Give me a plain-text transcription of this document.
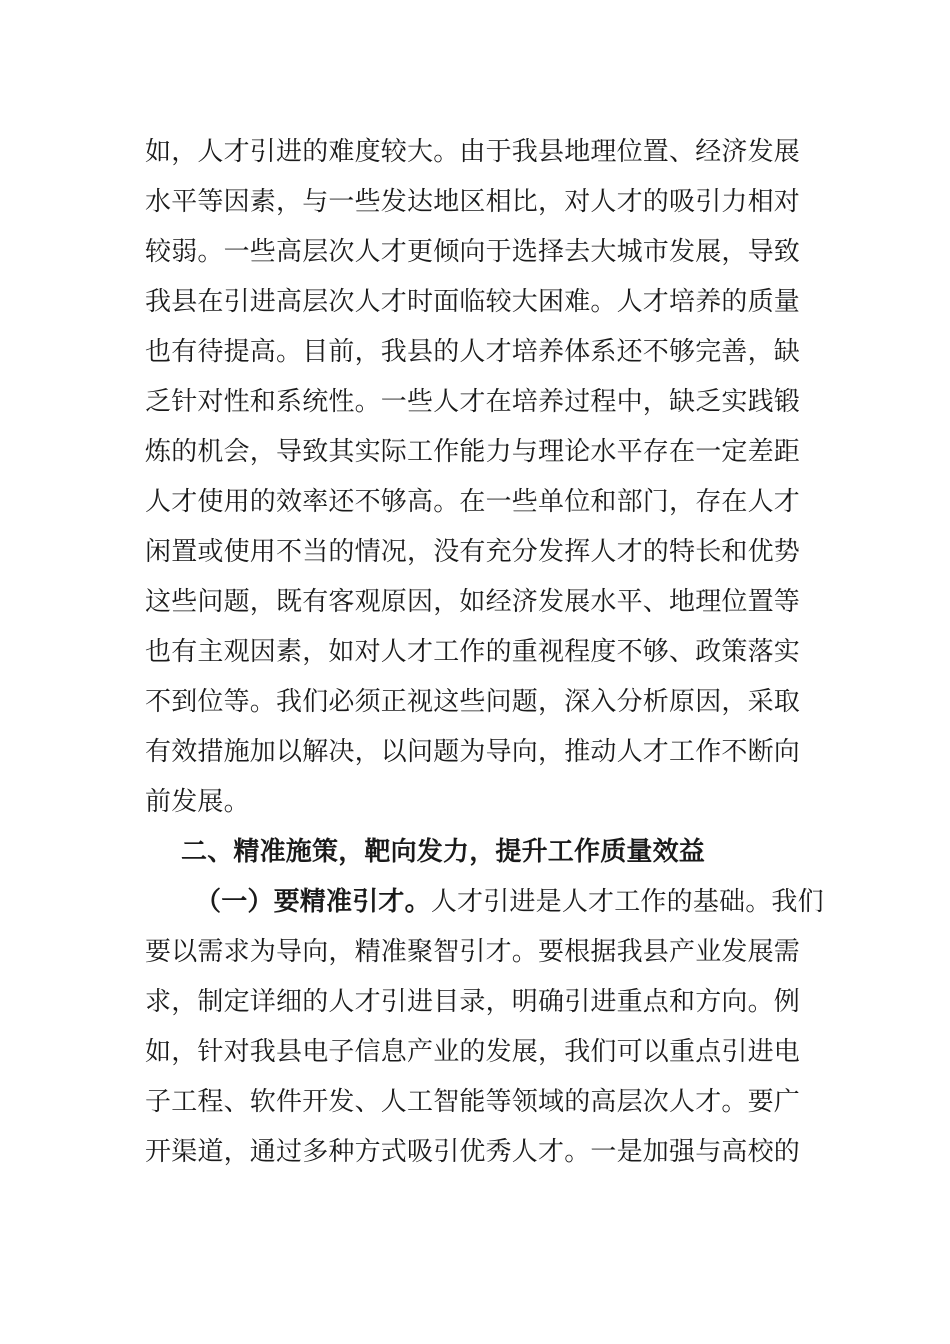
如，人才引进的难度较大。由于我县地理位置、经济发展
水平等因素，与一些发达地区相比，对人才的吸引力相对
较弱。一些高层次人才更倾向于选择去大城市发展，导致
我县在引进高层次人才时面临较大困难。人才培养的质量
也有待提高。目前，我县的人才培养体系还不够完善，缺
乏针对性和系统性。一些人才在培养过程中，缺乏实践锻
炼的机会，导致其实际工作能力与理论水平存在一定差距
人才使用的效率还不够高。在一些单位和部门，存在人才
闲置或使用不当的情况，没有充分发挥人才的特长和优势
这些问题，既有客观原因，如经济发展水平、地理位置等
也有主观因素，如对人才工作的重视程度不够、政策落实
不到位等。我们必须正视这些问题，深入分析原因，采取
有效措施加以解决，以问题为导向，推动人才工作不断向
前发展。
二、精准施策，靶向发力，提升工作质量效益
（一）要精准引才。人才引进是人才工作的基础。我们
要以需求为导向，精准聚智引才。要根据我县产业发展需
求，制定详细的人才引进目录，明确引进重点和方向。例
如，针对我县电子信息产业的发展，我们可以重点引进电
子工程、软件开发、人工智能等领域的高层次人才。要广
开渠道，通过多种方式吸引优秀人才。一是加强与高校的
